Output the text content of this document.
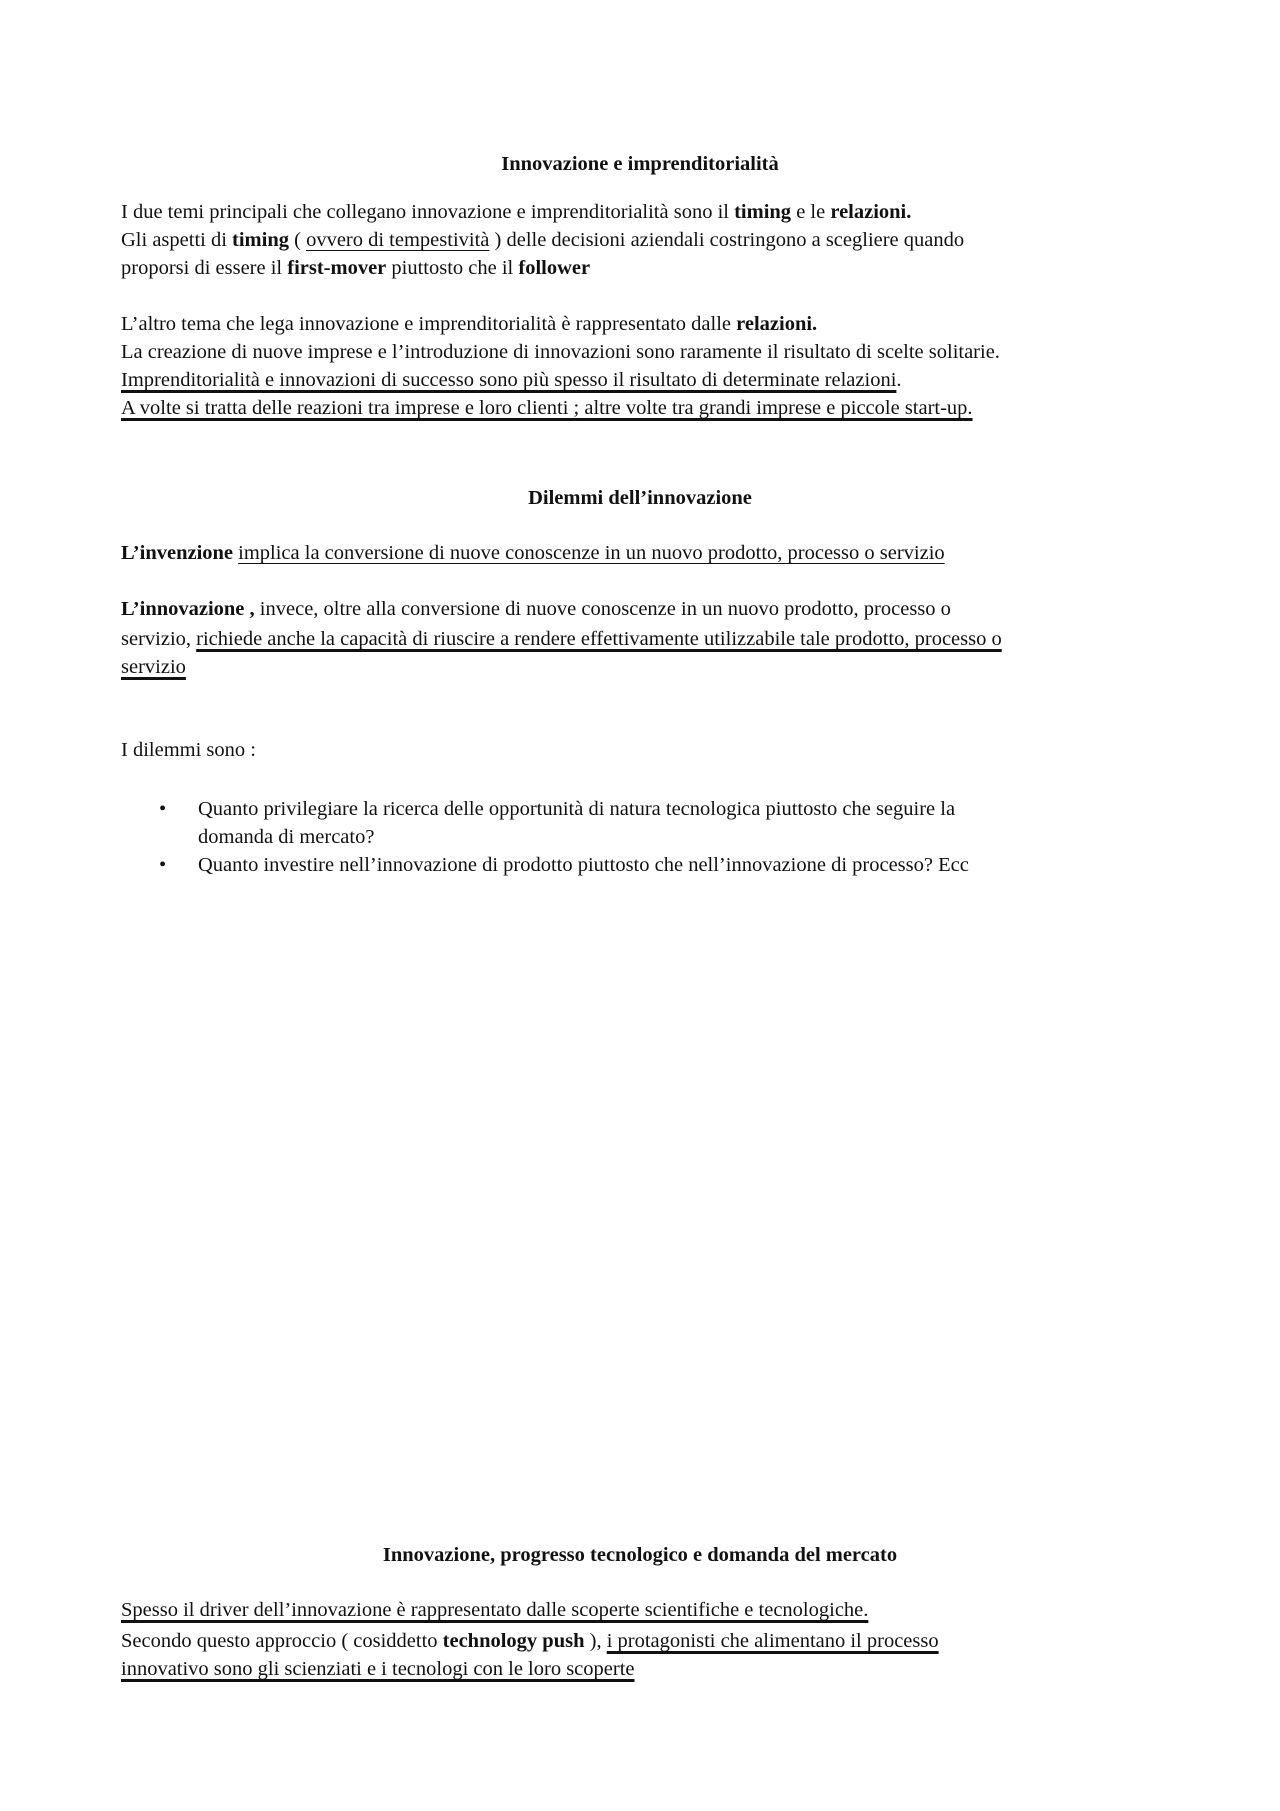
Innovazione e imprenditorialità
I due temi principali che collegano innovazione e imprenditorialità sono il timing e le relazioni.
Gli aspetti di timing ( ovvero di tempestività ) delle decisioni aziendali costringono a scegliere quando
proporsi di essere il first-mover piuttosto che il follower
L’altro tema che lega innovazione e imprenditorialità è rappresentato dalle relazioni.
La creazione di nuove imprese e l’introduzione di innovazioni sono raramente il risultato di scelte solitarie.
Imprenditorialità e innovazioni di successo sono più spesso il risultato di determinate relazioni.
A volte si tratta delle reazioni tra imprese e loro clienti ; altre volte tra grandi imprese e piccole start-up.
Dilemmi dell’innovazione
L’invenzione implica la conversione di nuove conoscenze in un nuovo prodotto, processo o servizio
L’innovazione , invece, oltre alla conversione di nuove conoscenze in un nuovo prodotto, processo o
servizio, richiede anche la capacità di riuscire a rendere effettivamente utilizzabile tale prodotto, processo o
servizio
I dilemmi sono :
• Quanto privilegiare la ricerca delle opportunità di natura tecnologica piuttosto che seguire la
domanda di mercato?
• Quanto investire nell’innovazione di prodotto piuttosto che nell’innovazione di processo? Ecc
Innovazione, progresso tecnologico e domanda del mercato
Spesso il driver dell’innovazione è rappresentato dalle scoperte scientifiche e tecnologiche.
Secondo questo approccio ( cosiddetto technology push ), i protagonisti che alimentano il processo
innovativo sono gli scienziati e i tecnologi con le loro scoperte
